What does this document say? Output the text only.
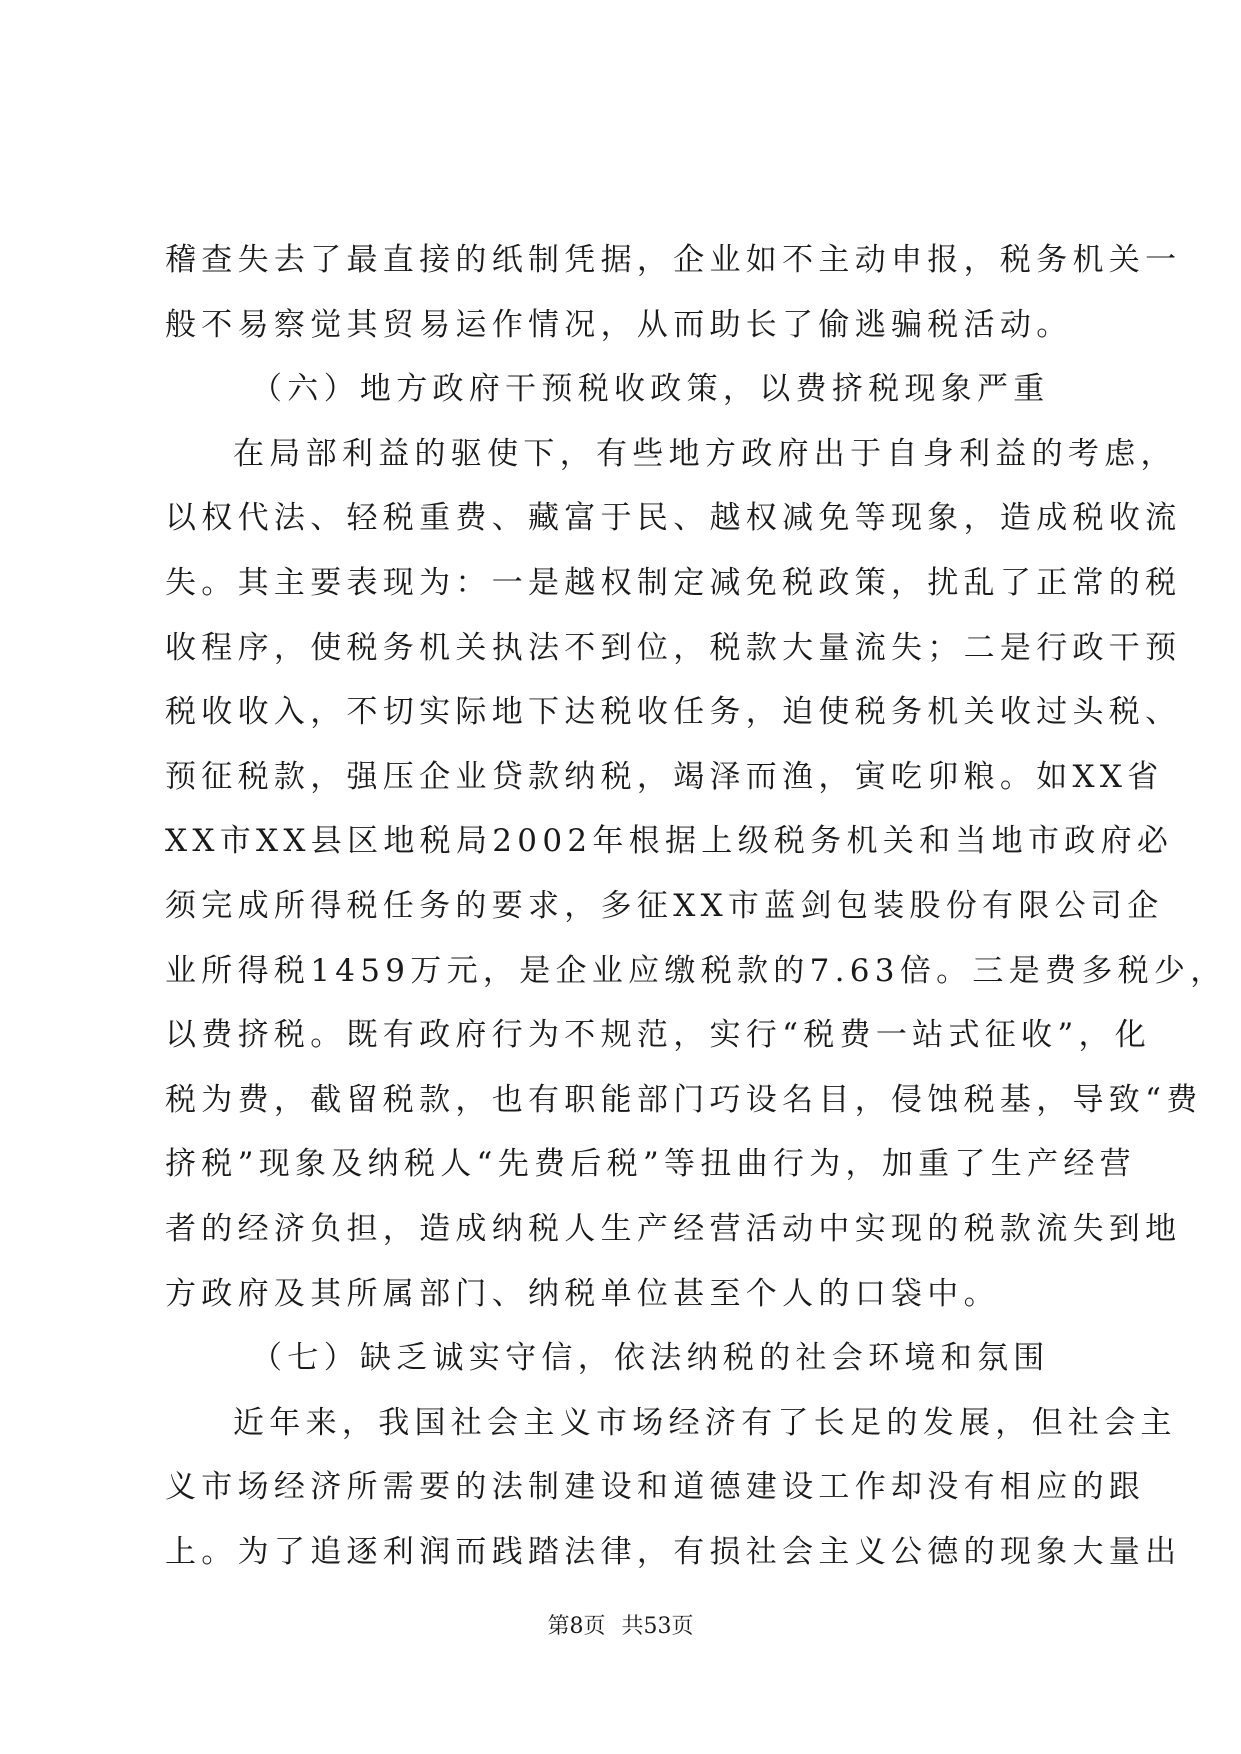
稽查失去了最直接的纸制凭据，企业如不主动申报，税务机关一
般不易察觉其贸易运作情况，从而助长了偷逃骗税活动。
（六）地方政府干预税收政策，以费挤税现象严重
在局部利益的驱使下，有些地方政府出于自身利益的考虑，
以权代法、轻税重费、藏富于民、越权减免等现象，造成税收流
失。其主要表现为：一是越权制定减免税政策，扰乱了正常的税
收程序，使税务机关执法不到位，税款大量流失；二是行政干预
税收收入，不切实际地下达税收任务，迫使税务机关收过头税、
预征税款，强压企业贷款纳税，竭泽而渔，寅吃卯粮。如XX省
XX市XX县区地税局2002年根据上级税务机关和当地市政府必
须完成所得税任务的要求，多征XX市蓝剑包装股份有限公司企
业所得税1459万元，是企业应缴税款的7.63倍。三是费多税少，
以费挤税。既有政府行为不规范，实行“税费一站式征收”，化
税为费，截留税款，也有职能部门巧设名目，侵蚀税基，导致“费
挤税”现象及纳税人“先费后税”等扭曲行为，加重了生产经营
者的经济负担，造成纳税人生产经营活动中实现的税款流失到地
方政府及其所属部门、纳税单位甚至个人的口袋中。
（七）缺乏诚实守信，依法纳税的社会环境和氛围
近年来，我国社会主义市场经济有了长足的发展，但社会主
义市场经济所需要的法制建设和道德建设工作却没有相应的跟
上。为了追逐利润而践踏法律，有损社会主义公德的现象大量出
第8页 共53页
